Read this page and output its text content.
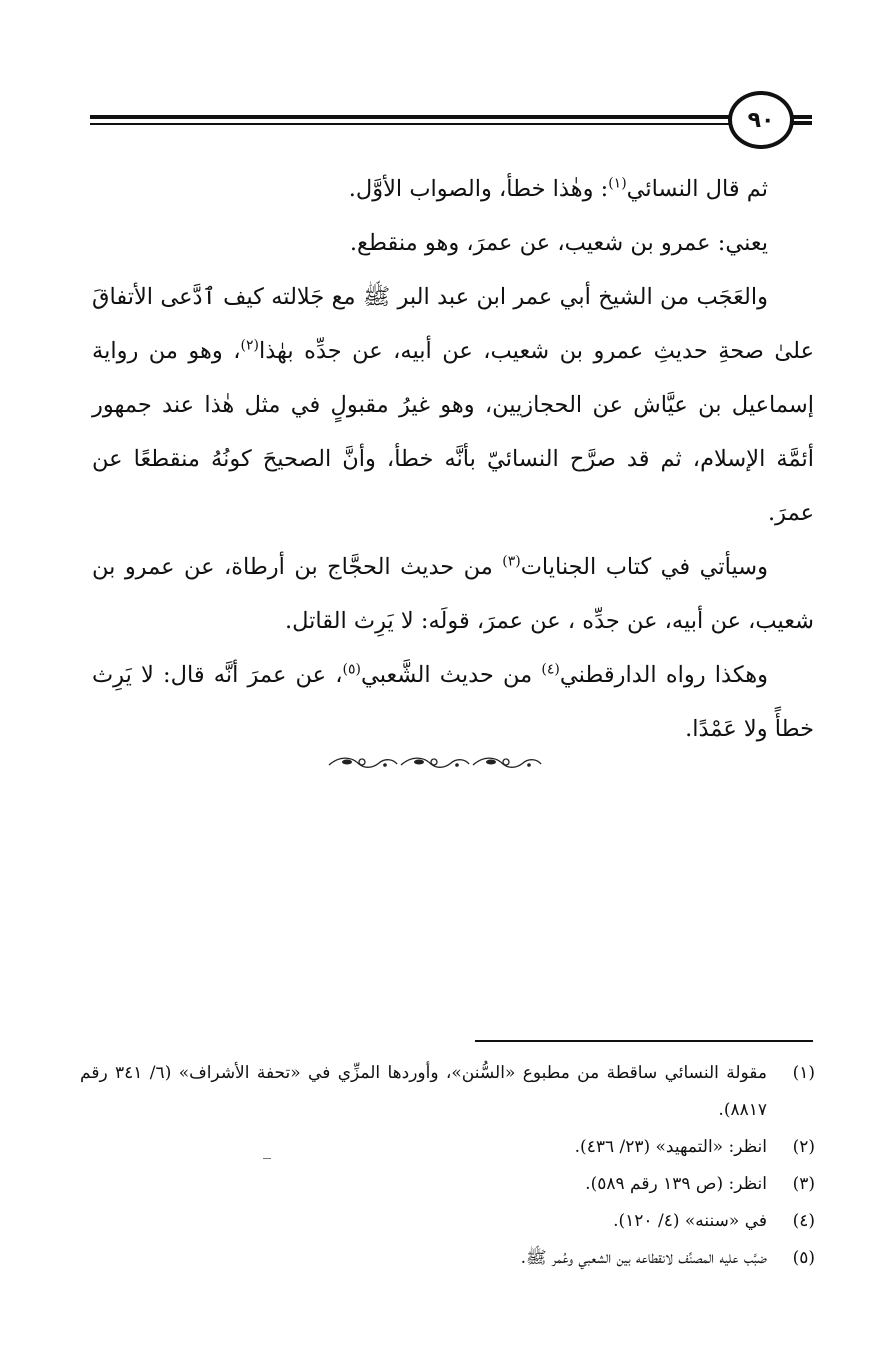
٩٠

ثم قال النسائي$^{(١)}$: وهٰذا خطأ، والصواب الأوَّل.

يعني: عمرو بن شعيب، عن عمرَ، وهو منقطع.

والعَجَب من الشيخ أبي عمر ابن عبد البر ﷺ مع جَلالته كيف ٱدَّعى الأتفاقَ علىٰ صحةِ حديثِ عمرو بن شعيب، عن أبيه، عن جدِّه بهٰذا$^{(٢)}$، وهو من رواية إسماعيل بن عيَّاش عن الحجازيين، وهو غيرُ مقبولٍ في مثل هٰذا عند جمهور أئمَّة الإسلام، ثم قد صرَّح النسائيّ بأنَّه خطأ، وأنَّ الصحيحَ كونُهُ منقطعًا عن عمرَ.

وسيأتي في كتاب الجنايات$^{(٣)}$ من حديث الحجَّاج بن أرطاة، عن عمرو بن شعيب، عن أبيه، عن جدِّه ، عن عمرَ، قولَه: لا يَرِث القاتل.

وهكذا رواه الدارقطني$^{(٤)}$ من حديث الشَّعبي$^{(٥)}$، عن عمرَ أنَّه قال: لا يَرِث خطأً ولا عَمْدًا.

(١)
مقولة النسائي ساقطة من مطبوع «السُّنن»، وأوردها المزِّي في «تحفة الأشراف» (٦/ ٣٤١ رقم ٨٨١٧).
(٢)
انظر: «التمهيد» (٢٣/ ٤٣٦).
(٣)
انظر: (ص ١٣٩ رقم ٥٨٩).
(٤)
في «سننه» (٤/ ١٢٠).
(٥)
ضبَّب عليه المصنِّف لانقطاعه بين الشعبي وعُمر ﷺ.
